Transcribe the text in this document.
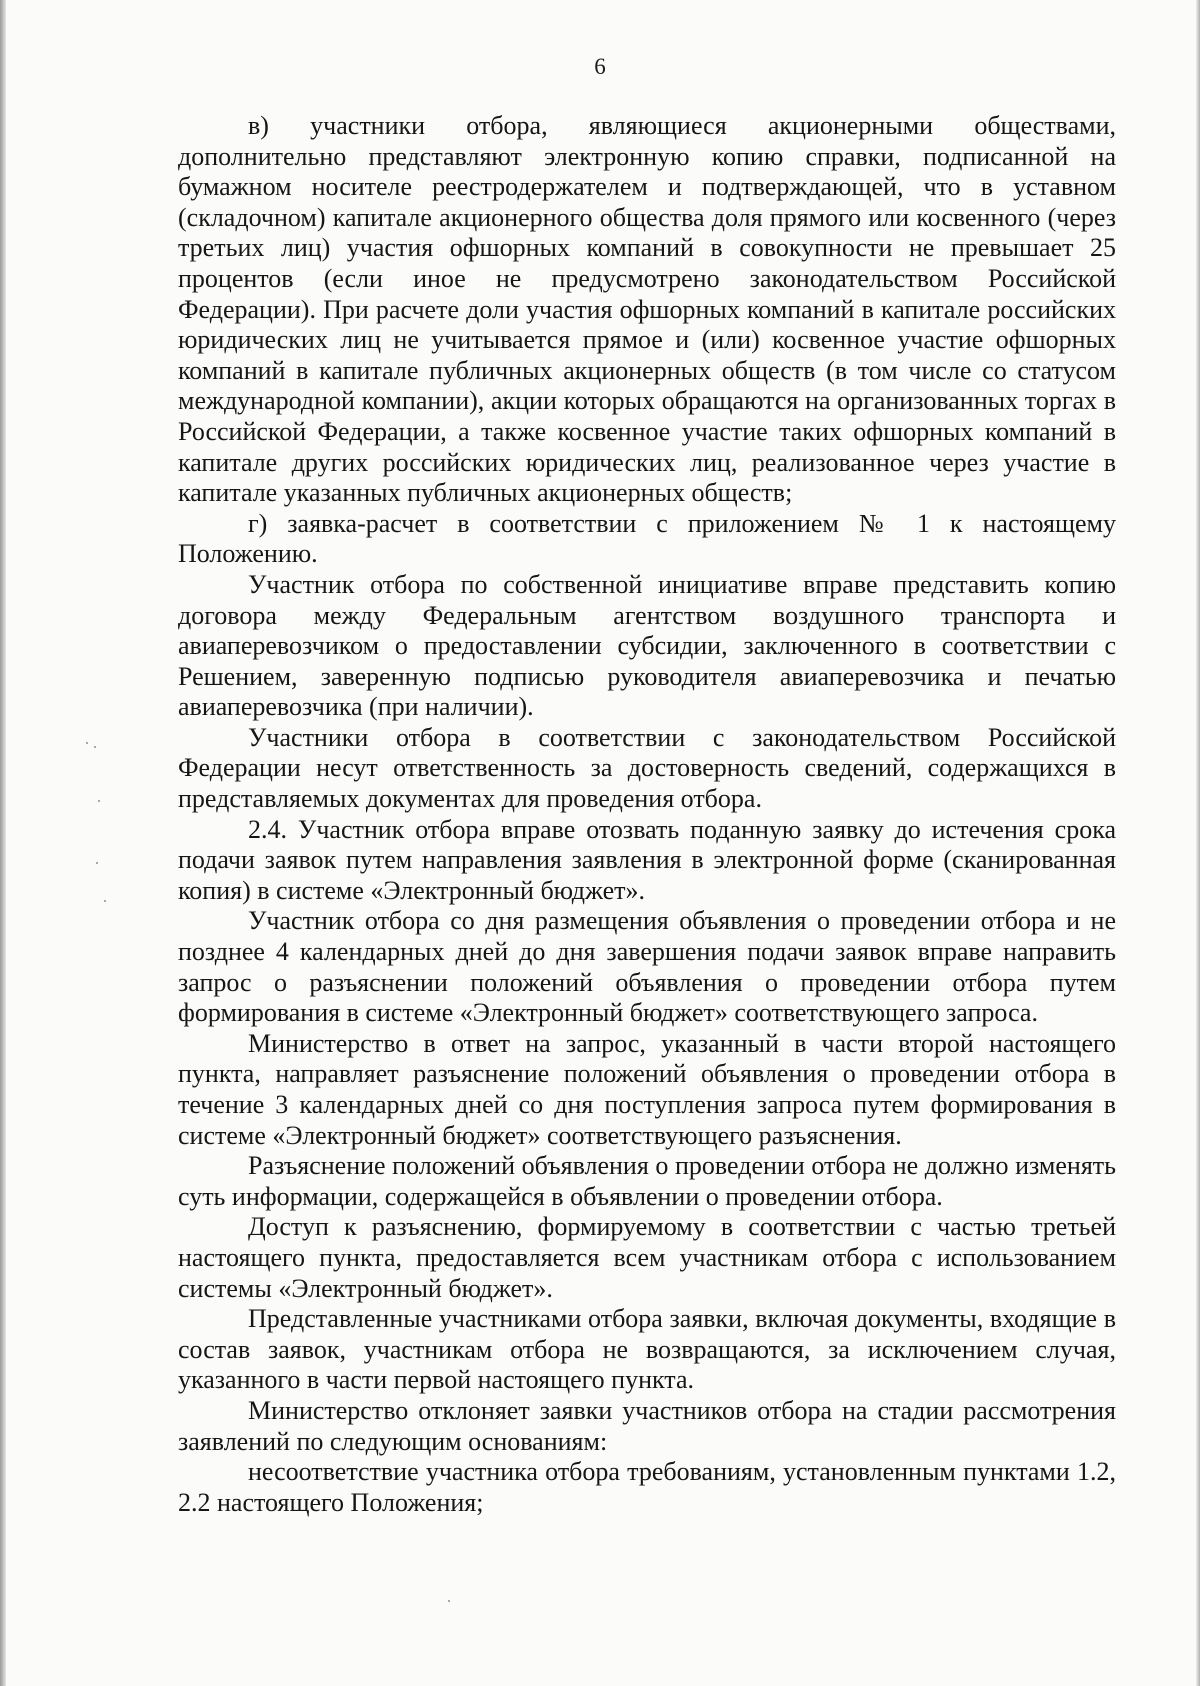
6

в) участники отбора, являющиеся акционерными обществами, дополнительно представляют электронную копию справки, подписанной на бумажном носителе реестродержателем и подтверждающей, что в уставном (складочном) капитале акционерного общества доля прямого или косвенного (через третьих лиц) участия офшорных компаний в совокупности не превышает 25 процентов (если иное не предусмотрено законодательством Российской Федерации). При расчете доли участия офшорных компаний в капитале российских юридических лиц не учитывается прямое и (или) косвенное участие офшорных компаний в капитале публичных акционерных обществ (в том числе со статусом международной компании), акции которых обращаются на организованных торгах в Российской Федерации, а также косвенное участие таких офшорных компаний в капитале других российских юридических лиц, реализованное через участие в капитале указанных публичных акционерных обществ;

г) заявка-расчет в соответствии с приложением № 1 к настоящему Положению.

Участник отбора по собственной инициативе вправе представить копию договора между Федеральным агентством воздушного транспорта и авиаперевозчиком о предоставлении субсидии, заключенного в соответствии с Решением, заверенную подписью руководителя авиаперевозчика и печатью авиаперевозчика (при наличии).

Участники отбора в соответствии с законодательством Российской Федерации несут ответственность за достоверность сведений, содержащихся в представляемых документах для проведения отбора.

2.4. Участник отбора вправе отозвать поданную заявку до истечения срока подачи заявок путем направления заявления в электронной форме (сканированная копия) в системе «Электронный бюджет».

Участник отбора со дня размещения объявления о проведении отбора и не позднее 4 календарных дней до дня завершения подачи заявок вправе направить запрос о разъяснении положений объявления о проведении отбора путем формирования в системе «Электронный бюджет» соответствующего запроса.

Министерство в ответ на запрос, указанный в части второй настоящего пункта, направляет разъяснение положений объявления о проведении отбора в течение 3 календарных дней со дня поступления запроса путем формирования в системе «Электронный бюджет» соответствующего разъяснения.

Разъяснение положений объявления о проведении отбора не должно изменять суть информации, содержащейся в объявлении о проведении отбора.

Доступ к разъяснению, формируемому в соответствии с частью третьей настоящего пункта, предоставляется всем участникам отбора с использованием системы «Электронный бюджет».

Представленные участниками отбора заявки, включая документы, входящие в состав заявок, участникам отбора не возвращаются, за исключением случая, указанного в части первой настоящего пункта.

Министерство отклоняет заявки участников отбора на стадии рассмотрения заявлений по следующим основаниям:

несоответствие участника отбора требованиям, установленным пунктами 1.2, 2.2 настоящего Положения;
